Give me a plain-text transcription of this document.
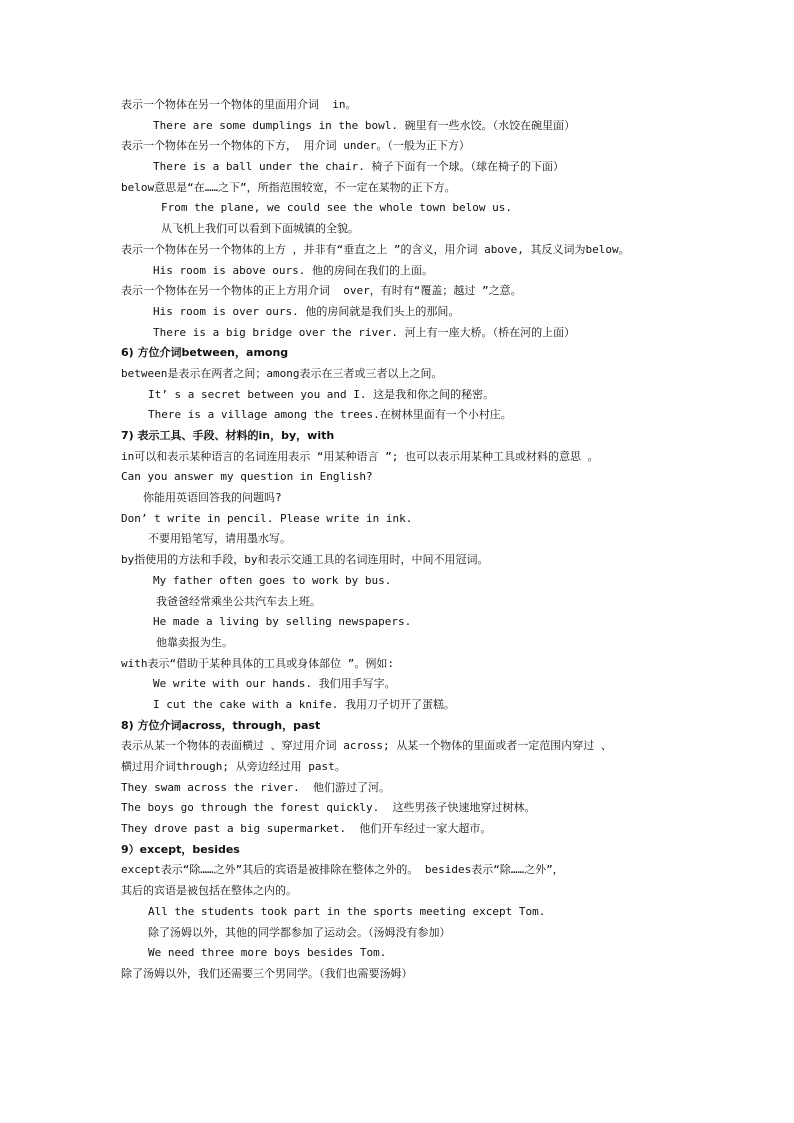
表示一个物体在另一个物体的里面用介词  in。
There are some dumplings in the bowl. 碗里有一些水饺。（水饺在碗里面）
表示一个物体在另一个物体的下方， 用介词 under。（一般为正下方）
There is a ball under the chair. 椅子下面有一个球。（球在椅子的下面）
below意思是“在……之下”，所指范围较宽，不一定在某物的正下方。
From the plane, we could see the whole town below us.
从飞机上我们可以看到下面城镇的全貌。
表示一个物体在另一个物体的上方 ，并非有“垂直之上 ”的含义，用介词 above, 其反义词为below。
His room is above ours. 他的房间在我们的上面。
表示一个物体在另一个物体的正上方用介词  over，有时有“覆盖；越过 ”之意。
His room is over ours. 他的房间就是我们头上的那间。
There is a big bridge over the river. 河上有一座大桥。（桥在河的上面）
6) 方位介词between，among
between是表示在两者之间；among表示在三者或三者以上之间。
It’ s a secret between you and I. 这是我和你之间的秘密。
There is a village among the trees.在树林里面有一个小村庄。
7) 表示工具、手段、材料的in，by，with
in可以和表示某种语言的名词连用表示 “用某种语言 ”; 也可以表示用某种工具或材料的意思 。
Can you answer my question in English?
你能用英语回答我的问题吗?
Don’ t write in pencil. Please write in ink.
不要用铅笔写，请用墨水写。
by指使用的方法和手段，by和表示交通工具的名词连用时，中间不用冠词。
My father often goes to work by bus.
我爸爸经常乘坐公共汽车去上班。
He made a living by selling newspapers.
他靠卖报为生。
with表示“借助于某种具体的工具或身体部位 ”。例如:
We write with our hands. 我们用手写字。
I cut the cake with a knife. 我用刀子切开了蛋糕。
8) 方位介词across，through，past
表示从某一个物体的表面横过 、穿过用介词 across; 从某一个物体的里面或者一定范围内穿过 、
横过用介词through; 从旁边经过用 past。
They swam across the river.  他们游过了河。
The boys go through the forest quickly.  这些男孩子快速地穿过树林。
They drove past a big supermarket.  他们开车经过一家大超市。
9）except，besides
except表示“除……之外”其后的宾语是被排除在整体之外的。 besides表示“除……之外”，
其后的宾语是被包括在整体之内的。
All the students took part in the sports meeting except Tom.
除了汤姆以外，其他的同学都参加了运动会。（汤姆没有参加）
We need three more boys besides Tom.
除了汤姆以外，我们还需要三个男同学。（我们也需要汤姆）
